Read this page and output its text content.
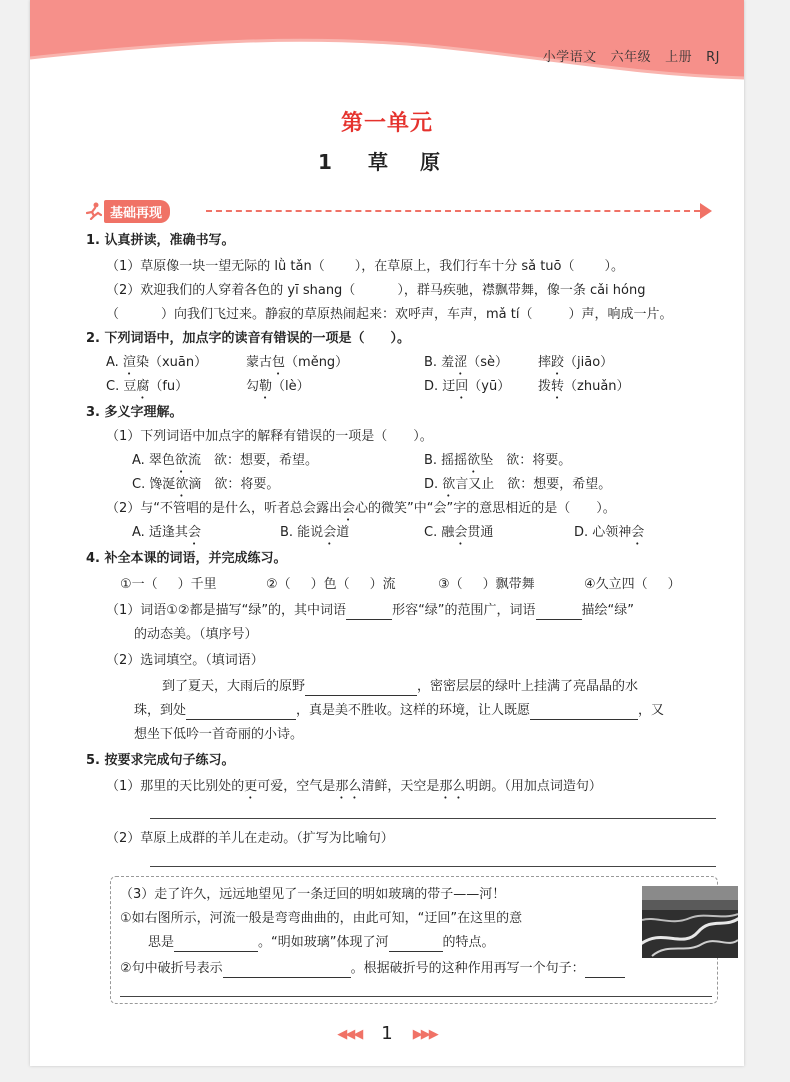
小学语文 六年级 上册 RJ
第一单元
1 草 原
基础再现
1. 认真拼读，准确书写。
（1）草原像一块一望无际的 lǜ tǎn（ ），在草原上，我们行车十分 sǎ tuō（ ）。
（2）欢迎我们的人穿着各色的 yī shang（	），群马疾驰，襟飘带舞，像一条 cǎi hóng
（	）向我们飞过来。静寂的草原热闹起来：欢呼声，车声，mǎ tí（	）声，响成一片。
2. 下列词语中，加点字的读音有错误的一项是（　　）。
A. 渲染（xuān）	蒙古包（měng）	B. 羞涩（sè） 摔跤（jiāo）
C. 豆腐（fu）	勾勒（lè）	D. 迂回（yū） 拨转（zhuǎn）
3. 多义字理解。
（1）下列词语中加点字的解释有错误的一项是（　　）。
A. 翠色欲流　欲：想要，希望。	B. 摇摇欲坠　欲：将要。
C. 馋涎欲滴　欲：将要。	D. 欲言又止　欲：想要，希望。
（2）与“不管唱的是什么，听者总会露出会心的微笑”中“会”字的意思相近的是（　　）。
A. 适逢其会	B. 能说会道	C. 融会贯通	D. 心领神会
4. 补全本课的词语，并完成练习。
①一（ ）千里	②（ ）色（ ）流	③（ ）飘带舞	④久立四（ ）
（1）词语①②都是描写“绿”的，其中词语	形容“绿”的范围广，词语	描绘“绿”
的动态美。（填序号）
（2）选词填空。（填词语）
到了夏天，大雨后的原野	，密密层层的绿叶上挂满了亮晶晶的水
珠，到处	，真是美不胜收。这样的环境，让人既愿	，又
想坐下低吟一首奇丽的小诗。
5. 按要求完成句子练习。
（1）那里的天比别处的更可爱，空气是那么清鲜，天空是那么明朗。（用加点词造句）
（2）草原上成群的羊儿在走动。（扩写为比喻句）
（3）走了许久，远远地望见了一条迂回的明如玻璃的带子——河！
①如右图所示，河流一般是弯弯曲曲的，由此可知，“迂回”在这里的意
思是	。“明如玻璃”体现了河	的特点。
②句中破折号表示	。根据破折号的这种作用再写一个句子：
◀◀◀ 1 ▶▶▶
